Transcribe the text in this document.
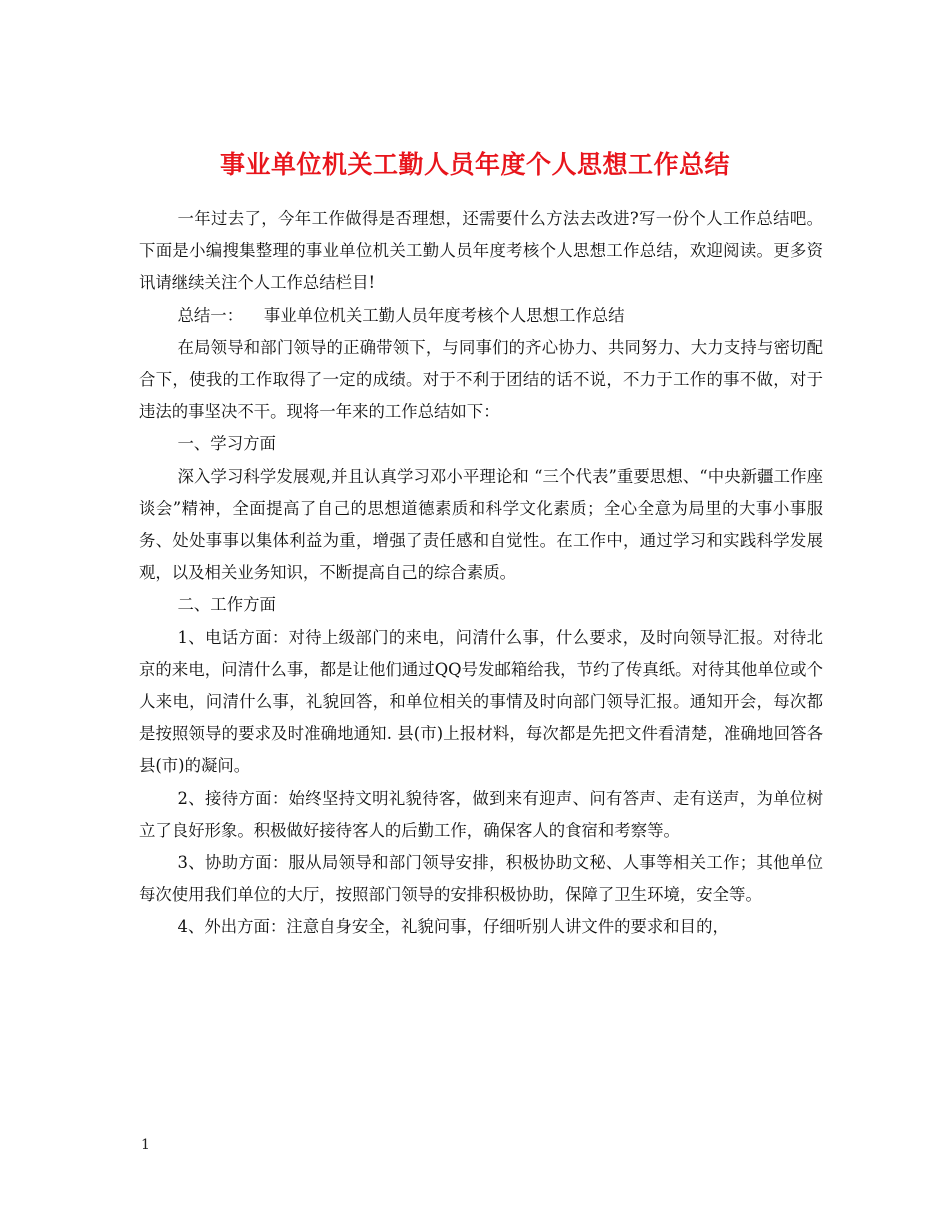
事业单位机关工勤人员年度个人思想工作总结

一年过去了，今年工作做得是否理想，还需要什么方法去改进?写一份个人工作总结吧。下面是小编搜集整理的事业单位机关工勤人员年度考核个人思想工作总结，欢迎阅读。更多资讯请继续关注个人工作总结栏目!

总结一：    事业单位机关工勤人员年度考核个人思想工作总结

在局领导和部门领导的正确带领下，与同事们的齐心协力、共同努力、大力支持与密切配合下，使我的工作取得了一定的成绩。对于不利于团结的话不说，不力于工作的事不做，对于违法的事坚决不干。现将一年来的工作总结如下：

一、学习方面

深入学习科学发展观,并且认真学习邓小平理论和 “三个代表”重要思想、“中央新疆工作座谈会”精神，全面提高了自己的思想道德素质和科学文化素质；全心全意为局里的大事小事服务、处处事事以集体利益为重，增强了责任感和自觉性。在工作中，通过学习和实践科学发展观，以及相关业务知识，不断提高自己的综合素质。

二、工作方面

1、电话方面：对待上级部门的来电，问清什么事，什么要求，及时向领导汇报。对待北京的来电，问清什么事，都是让他们通过QQ号发邮箱给我，节约了传真纸。对待其他单位或个人来电，问清什么事，礼貌回答，和单位相关的事情及时向部门领导汇报。通知开会，每次都是按照领导的要求及时准确地通知. 县(市)上报材料，每次都是先把文件看清楚，准确地回答各县(市)的凝问。

2、接待方面：始终坚持文明礼貌待客，做到来有迎声、问有答声、走有送声，为单位树立了良好形象。积极做好接待客人的后勤工作，确保客人的食宿和考察等。

3、协助方面：服从局领导和部门领导安排，积极协助文秘、人事等相关工作；其他单位每次使用我们单位的大厅，按照部门领导的安排积极协助，保障了卫生环境，安全等。

4、外出方面：注意自身安全，礼貌问事，仔细听别人讲文件的要求和目的，

1
